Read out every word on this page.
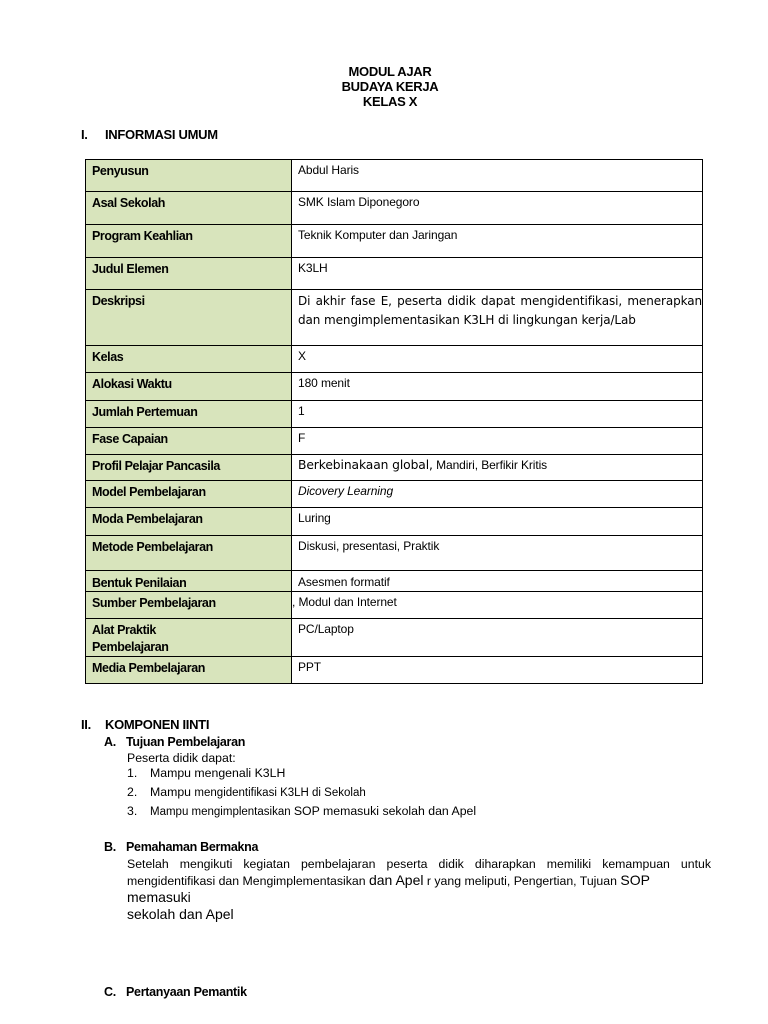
MODUL AJAR
BUDAYA KERJA
KELAS X
I. INFORMASI UMUM
Penyusun	Abdul Haris
Asal Sekolah	SMK Islam Diponegoro
Program Keahlian	Teknik Komputer dan Jaringan
Judul Elemen	K3LH
Deskripsi	Di akhir fase E, peserta didik dapat mengidentifikasi, menerapkan dan mengimplementasikan K3LH di lingkungan kerja/Lab
Kelas	X
Alokasi Waktu	180 menit
Jumlah Pertemuan	1
Fase Capaian	F
Profil Pelajar Pancasila	Berkebinakaan global, Mandiri, Berfikir Kritis
Model Pembelajaran	Dicovery Learning
Moda Pembelajaran	Luring
Metode Pembelajaran	Diskusi, presentasi, Praktik
Bentuk Penilaian	Asesmen formatif
Sumber Pembelajaran	, Modul dan Internet

Alat Praktik
Pembelajaran	PC/Laptop
Media Pembelajaran	PPT
II. KOMPONEN IINTI
A. Tujuan Pembelajaran
Peserta didik dapat:
1. Mampu mengenali K3LH
2. Mampu mengidentifikasi K3LH di Sekolah
3. Mampu mengimplentasikan SOP memasuki sekolah dan Apel
B. Pemahaman Bermakna
Setelah mengikuti kegiatan pembelajaran peserta didik diharapkan memiliki kemampuan untuk
mengidentifikasi dan Mengimplementasikan dan Apel r yang meliputi, Pengertian, Tujuan SOP memasuki
sekolah dan Apel
C. Pertanyaan Pemantik
